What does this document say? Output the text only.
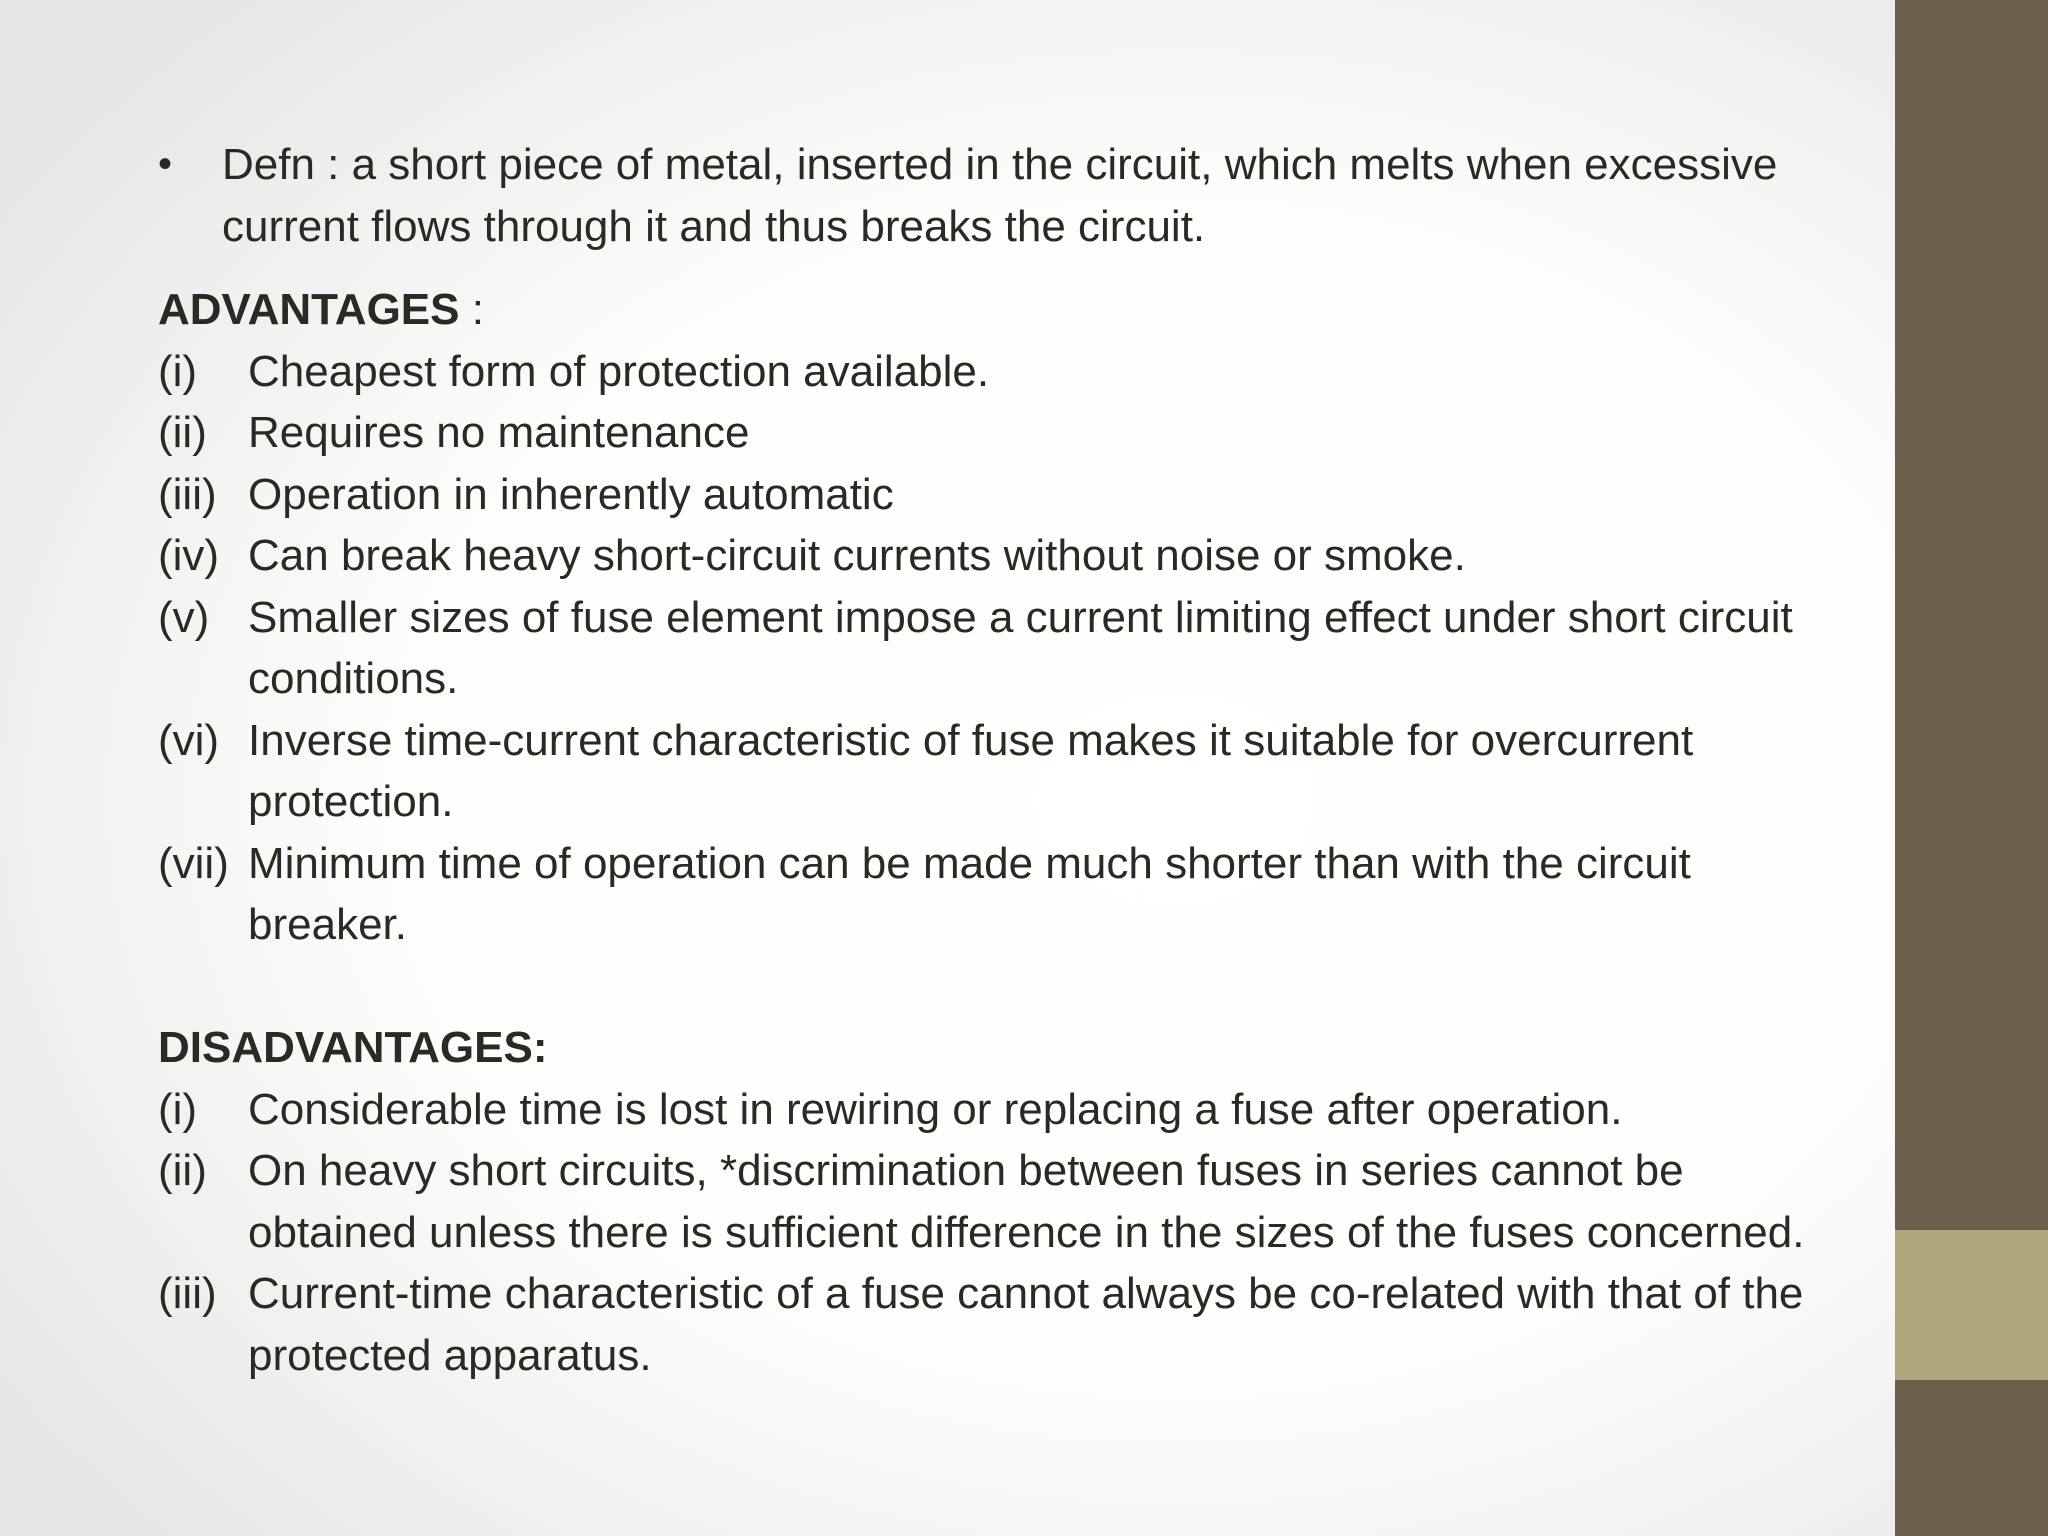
•	Defn : a short piece of metal, inserted in the circuit, which melts when excessive current flows through it and thus breaks the circuit.
ADVANTAGES :
(i)	Cheapest form of protection available.
(ii) Requires no maintenance
(iii) Operation in inherently automatic
(iv) Can break heavy short-circuit currents without noise or smoke.
(v) Smaller sizes of fuse element impose a current limiting effect under short circuit conditions.
(vi) Inverse time-current characteristic of fuse makes it suitable for overcurrent protection.
(vii) Minimum time of operation can be made much shorter than with the circuit breaker.
DISADVANTAGES:
(i)	Considerable time is lost in rewiring or replacing a fuse after operation.
(ii) On heavy short circuits, *discrimination between fuses in series cannot be obtained unless there is sufficient difference in the sizes of the fuses concerned.
(iii) Current-time characteristic of a fuse cannot always be co-related with that of the protected apparatus.
